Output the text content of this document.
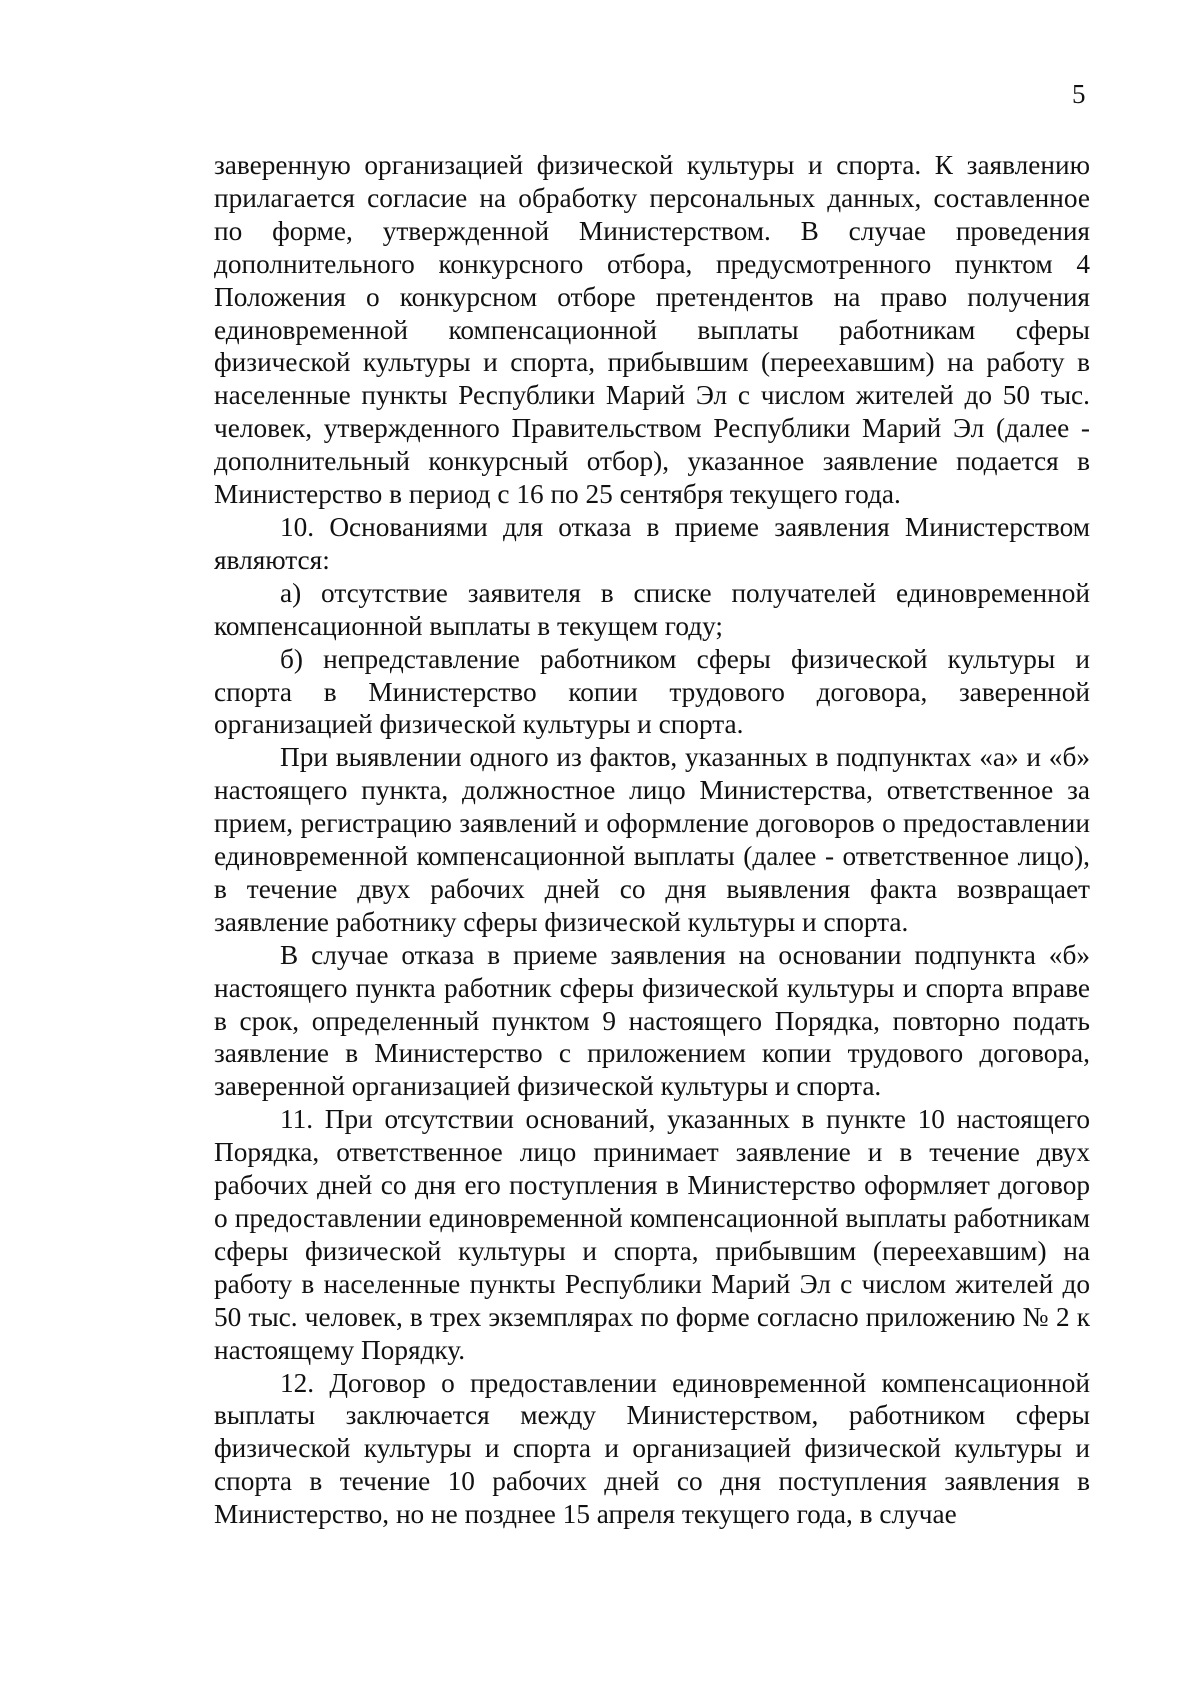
5

заверенную организацией физической культуры и спорта. К заявлению прилагается согласие на обработку персональных данных, составленное по форме, утвержденной Министерством. В случае проведения дополнительного конкурсного отбора, предусмотренного пунктом 4 Положения о конкурсном отборе претендентов на право получения единовременной компенсационной выплаты работникам сферы физической культуры и спорта, прибывшим (переехавшим) на работу в населенные пункты Республики Марий Эл с числом жителей до 50 тыс. человек, утвержденного Правительством Республики Марий Эл (далее - дополнительный конкурсный отбор), указанное заявление подается в Министерство в период с 16 по 25 сентября текущего года.

10. Основаниями для отказа в приеме заявления Министерством являются:

а) отсутствие заявителя в списке получателей единовременной компенсационной выплаты в текущем году;

б) непредставление работником сферы физической культуры и спорта в Министерство копии трудового договора, заверенной организацией физической культуры и спорта.

При выявлении одного из фактов, указанных в подпунктах «а» и «б» настоящего пункта, должностное лицо Министерства, ответственное за прием, регистрацию заявлений и оформление договоров о предоставлении единовременной компенсационной выплаты (далее - ответственное лицо), в течение двух рабочих дней со дня выявления факта возвращает заявление работнику сферы физической культуры и спорта.

В случае отказа в приеме заявления на основании подпункта «б» настоящего пункта работник сферы физической культуры и спорта вправе в срок, определенный пунктом 9 настоящего Порядка, повторно подать заявление в Министерство с приложением копии трудового договора, заверенной организацией физической культуры и спорта.

11. При отсутствии оснований, указанных в пункте 10 настоящего Порядка, ответственное лицо принимает заявление и в течение двух рабочих дней со дня его поступления в Министерство оформляет договор о предоставлении единовременной компенсационной выплаты работникам сферы физической культуры и спорта, прибывшим (переехавшим) на работу в населенные пункты Республики Марий Эл с числом жителей до 50 тыс. человек, в трех экземплярах по форме согласно приложению № 2 к настоящему Порядку.

12. Договор о предоставлении единовременной компенсационной выплаты заключается между Министерством, работником сферы физической культуры и спорта и организацией физической культуры и спорта в течение 10 рабочих дней со дня поступления заявления в Министерство, но не позднее 15 апреля текущего года, в случае
